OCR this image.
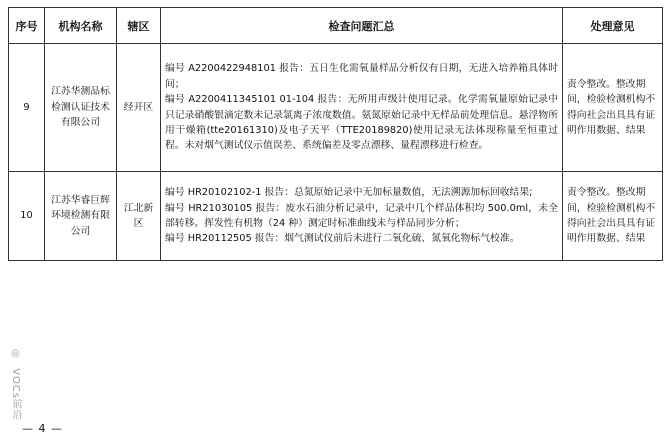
序号	机构名称	辖区	检查问题汇总	处理意见
9	江苏华测品标检测认证技术有限公司	经开区	编号 A2200422948101 报告：五日生化需氧量样品分析仅有日期，无进入培养箱具体时间；
编号 A2200411345101 01-104 报告：无所用声级计使用记录。化学需氧量原始记录中只记录硝酸银滴定数未记录氯离子浓度数值。氨氮原始记录中无样品前处理信息。悬浮物所用干燥箱(tte20161310)及电子天平（TTE20189820)使用记录无法体现称量至恒重过程。未对烟气测试仪示值误差、系统偏差及零点漂移、量程漂移进行检查。	责令整改。整改期间，检验检测机构不得向社会出具具有证明作用数据、结果
10	江苏华睿巨辉环境检测有限公司	江北新区	编号 HR20102102-1 报告：总氮原始记录中无加标量数值，无法溯源加标回收结果;
编号 HR21030105 报告：废水石油分析记录中，记录中几个样品体积均 500.0ml，未全部转移。挥发性有机物（24 种）测定时标准曲线未与样品同步分析；
编号 HR20112505 报告：烟气测试仪前后未进行二氧化硫、氮氧化物标气校准。	责令整改。整改期间，检验检测机构不得向社会出具具有证明作用数据、结果
◎ VOCs前沿
— 4 —
